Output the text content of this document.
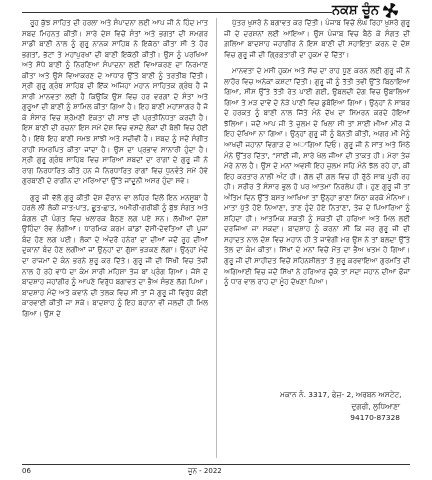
ਨਕਸ਼ ਚੂੰਨ

ਰੂਹ ਕੁੱਝ ਸਾਹਿਤ ਦੀ ਹਰਲਾ ਅਤੇ ਸੰਪਾਦਨਾ ਲਈ ਆਪ ਜੀ ਨੇ ਹਿੰਦ ਮਾਤ ਸਬਦ ਮਿਹਨਤ ਕੀਤੀ। ਸਾਰੇ ਦੇਸ਼ ਵਿਚੋਂ ਸੰਤਾਂ ਅਤੇ ਭਗਤਾਂ ਦੀ ਸਮਗਰ ਸਾਡੀ ਬਾਣੀ ਨਾਲ ਨੂੰ ਗੁਰੂ ਨਾਨਕ ਸਾਹਿਬ ਨੇ ਇਕੱਠਾ ਕੀਤਾ ਸੀ ਤੇ ਹੋਰ ਭਗਤਾਂ, ਭੱਟਾਂ ਤੇ ਮਹਾਂਪੁਰਖਾਂ ਦੀ ਬਾਣੀ ਇਕੱਠੀ ਕੀਤੀ। ਉਸ ਨੂੰ ਪਰਖਿਆ ਅਤੇ ਸੋਧੇ ਬਾਣੀ ਨੂੰ ਨਿਰਣਿਆ ਸੰਪਾਦਨਾ ਲਈ ਵਿਆਕਰਣ ਦਾ ਨਿਰਮਾਣ ਕੀਤਾ ਅਤੇ ਉਸੇ ਵਿਆਕਰਣ ਦੇ ਆਧਾਰ ਉੱਤੇ ਬਾਣੀ ਨੂੰ ਤਰਤੀਬ ਦਿੱਤੀ। ਸ੍ਰੀ ਗੁਰੂ ਗ੍ਰੰਥ ਸਾਹਿਬ ਦੀ ਇੱਕ ਅਜਿਹਾ ਮਹਾਨ ਸਾਹਿਤਕ ਗ੍ਰੰਥ ਹੈ ਜੋ ਸਾਰੀ ਮਾਨਵਤਾ ਲਈ ਹੈ ਕਿਉਂਕਿ ਉਸ ਵਿਚ ਹਰ ਵਰਗਾਂ ਦੇ ਸੰਤਾਂ ਅਤੇ ਗੁਰੂਆਂ ਦੀ ਬਾਣੀ ਨੂੰ ਸ਼ਾਮਿਲ ਕੀਤਾ ਗਿਆ ਹੈ। ਇਹ ਬਾਣੀ ਮਹਾਂਸਾਗਰ ਹੈ ਜੋ ਕੇ ਸੰਸਾਰ ਵਿਚ ਸ਼੍ਰੋਮਣੀ ਏਕਤਾ ਦੀ ਸਾਂਝ ਦੀ ਪ੍ਰਤੀਨਿਧਤਾ ਕਰਦੀ ਹੈ। ਇਸ ਬਾਣੀ ਦੀ ਰਚਨਾ ਇਸ ਸਮੇਂ ਦੇਸ਼ ਵਿਚ ਵਸਦੇ ਲੋਕਾਂ ਦੀ ਬੋਲੀ ਵਿਚ ਹੋਈ ਹੈ। ਇੱਥੇ ਇਹ ਬਾਣੀ ਸਮਝ ਸਾਂਝੀ ਅਤੇ ਸਦੀਵੀ ਹੈ। ਸ਼ਬਦ ਨੂੰ ਸਦੋਂ ਸੰਗੀਤ ਰਾਹੀਂ ਸਮਰਪਿਤ ਕੀਤਾ ਜਾਂਦਾ ਹੈ। ਉਸ ਦਾ ਪ੍ਰਭਾਵ ਸਾਨਾਰੀ ਹੁੰਦਾ ਹੈ। ਸ੍ਰੀ ਗੁਰੂ ਗ੍ਰੰਥ ਸਾਹਿਬ ਵਿਚ ਸਾਰਿਆਂ ਸ਼ਬਦਾਂ ਦਾ ਰਾਗਾਂ ਦੇ ਗੁਰੂ ਜੀ ਨੇ ਰਾਗ ਨਿਰਧਾਰਿਤ ਕੀਤੇ ਹਨ ਜੋ ਨਿਰਧਾਰਿਤ ਰਾਗਾਂ ਵਿਚ ਧੁਨਵੰਤੇ ਸਮੇਂ ਹੋਵੇ ਗੁਰਬਾਣੀ ਦੇ ਰਾਗੀਨ ਦਾ ਮਰਿਆਦਾ ਉੱਤੇ ਜਾਂਦੂਨੀ ਅਸਰ ਹੁੰਦਾ ਸਵੇ।

ਗੁਰੂ ਜੀ ਵੱਲੋਂ ਗੁਰੂ ਕੀਤੀ ਦੇਸ਼ ਦੌਰਾਨ ਵਾ ਲਹਿਰ ਦਿਲੋਂ ਇਨ ਮਨਸੂਬਾ ਹੈ ਹਰਲੇ ਲੀ ਲੋਕੀ ਜਾਤ-ਪਾਤ, ਛੂਤ-ਛਾਤ, ਅਮੀਰੀ-ਗਰੀਬੀ ਨੂੰ ਬੁੱਝ ਸੰਗਤ ਅਤੇ ਕੰਗਲ ਦੀ ਪੰਗਤ ਵਿਚ ਖਲਾਰਕ ਬੈਠਣ ਲਗ ਪਏ ਸਨ। ਲੱਖੀਆਂ ਦੇਸ਼ਾਂ ਉਹਿੰਦਾ ਰੋਵ ਲੰਗੀਆਂ। ਧਾਰਮਿਕ ਕਰਮ ਕਾਂਡਾਂ ਦੱਸੀ-ਦੇਵਤਿਆਂ ਦੀ ਪੂਜਾ ਬੰਦ ਹੋਣ ਲਗ ਪਈ। ਲੋਕਾਂ ਦੇ ਅੰਦਰੋਂ ਹਨੇਰਾਂ ਦਾ ਦੀਆਂ ਜਦੋਂ ਰੂਹ ਦੀਆਂ ਦੁਕਾਨਾਂ ਬੰਦ ਹੋਣ ਲਗੀਆਂ ਜਾਂ ਉਨ੍ਹਾਂ ਦਾ ਗੁੱਸਾ ਭੜਕਣ ਲੱਗਾ। ਉਨ੍ਹਾਂ ਮੰਦੇ ਦਾ ਰਾਜਮਾਂ ਦੇ ਕੰਨ ਭਰਨੇ ਸ਼ੁਰੂ ਕਰ ਦਿੱਤੇ। ਗੁਰੂ ਜੀ ਦੀ ਸਿੱਖੀ ਵਿਚ ਤੇਜ਼ੀ ਨਾਲ ਹੋ ਰਹੇ ਵਾਧੇ ਦਾ ਕੰਮ ਸਾਰੀ ਮਹਿਸ਼ਾ ਤੇਜ਼ ਬਾਂ ਪ੍ਰੰਗ ਗਿਆ। ਜੋਸੇ ਦੇ ਬਾਦਸ਼ਾਹ ਜਹਾਂਗੀਰ ਨੂੰ ਆਪਣੇ ਵਿਰੁੱਧ ਬਗਾਵਤ ਦਾ ਭੈਅ ਸੰਭਣ ਲੱਗ ਪਿਆ। ਬਾਦਸ਼ਾਹ ਮੰਦੇ ਅਤੇ ਕਵਾਨੇ ਦੀ ਤਲਕ ਵਿਚ ਸੀ ਤਾਂ ਜੋ ਗੁਰੂ ਜੀ ਵਿਰੁੱਧ ਕੋਈ ਕਾਰਵਾਈ ਕੀਤੀ ਜਾ ਸਕੇ। ਬਾਦਸ਼ਾਹ ਨੂੰ ਇਹ ਬਹਾਨਾ ਵੀ ਜਲਦੀ ਹੀ ਮਿਲ ਗਿਆ। ਉਸ ਦੇ

ਪੁੱਤਰ ਖੁਸਰੋ ਨੇ ਬਗਾਵਤ ਕਰ ਦਿੱਤੀ। ਪੰਜਾਬ ਵਿਚੋਂ ਲੰਘ ਰਿਹਾ ਖੁਸਰੋ ਗੁਰੂ ਜੀ ਦੇ ਦਰਸ਼ਨਾਂ ਲਈ ਆਇਆ। ਉਸ ਪੰਜਾਬ ਵਿਚ ਬੈਠੇ ਕੇ ਸੰਗਤ ਦੀ ਗ਼ਲਿਆ ਬਾਦਸ਼ਾਹ ਜਹਾਂਗੀਰ ਨੇ ਇਸ ਬਾਣੀ ਦੀ ਸਹਾਇਤਾ ਕਰਨ ਦੇ ਦੋਸ਼ ਵਿਚ ਗੁਰੂ ਜੀ ਦੀ ਗ੍ਰਿਫ਼ਤਾਰੀ ਦਾ ਹੁਕਮ ਦੇ ਦਿੱਤਾ।

ਮਾਨਵਤਾ ਦੇ ਮਸੀ ਹੁਕਮ ਅਤੇ ਸੱਚ ਦਾ ਰਾਹ ਧੂਣ ਕਰਨ ਲਈ ਗੁਰੂ ਜੀ ਨੇ ਲਾਹੌਰ ਵਿਚ ਅਨੇਕਾਂ ਕਸ਼ਟਾਂ ਦਿੱਤੀ। ਗੁਰੂ ਜੀ ਨੂੰ ਤੱਤੀ ਤਵੀ ਉੱਤੇ ਬਿਠਾਇਆ ਗਿਆ, ਸੀਸ ਉੱਤੇ ਤੱਤੀ ਰੇਤ ਪਾਈ ਗਈ, ਉਬਲਦੀ ਦੇਗ ਵਿਚ ਉਬਾਲਿਆ ਗਿਆ ਤੇ ਮੜ ਦਾਵੇਂ ਦੇ ਨੇੜੇ ਪਾਣੀ ਵਿਚ ਡੁਬੋਇਆ ਗਿਆ। ਉਨ੍ਹਾਂ ਨੇ ਸਾਬਰ ਦੇ ਹਰਕਤ ਨੂੰ ਬਾਣੀ ਨਾਲ ਜਿੱਤੇ ਮੰਨੇ ਦੱਖ ਦਾ ਸਿਮਰਨ ਕਰਦੇ ਹੋਇਆਂ ਝੱਲਿਆ। ਜਦੋਂ ਆਪ ਜੀ ਤੇ ਜ਼ੁਲਮ ਦੇ ਖਿਲਾ ਸੀ ਤਾਂ ਸਾਈਂ ਮੀਆਂ ਮੀਰ ਜੋ ਇਹ ਦੇਖਿਆ ਨਾ ਗਿਆ। ਉਨ੍ਹਾਂ ਗੁਰੂ ਜੀ ਨੂੰ ਬੇਨਤੀ ਕੀਤੀ, ਅਗਰ ਮੀ ਮੈਨੂੰ ਆਖਦੀ ਜਹਾਨਾਂ ਵਿਗਾੜ ਦੇ ਅਾਗਿਆ ਦਿਓ। ਗੁਰੂ ਜੀ ਨੇ ਸਾਂਤ ਅਤੇ ਮਿੱਠੇ ਮੰਨੇ ਉੱਤਰ ਦਿੱਤਾ, “ਸਾਂਈਂ ਜੀ, ਸਾਰੇ ਖੇਲ ਜੀਆ ਦੀ ਤਾਕਤ ਹੀ। ਮੇਰਾ ਤੇਜ਼ ਮੇਰੇ ਨਾਲ ਹੈ। ਉਸ ਦੇ ਮਨਾਂ ਅਵਸੀ ਇਹ ਜ਼ੁਲਮ ਸਹਿ ਮੰਨੇ ਝੱਲ ਰਹੇ ਹਾਂ, ਕੀ ਇਹ ਕਰਤਾਰ ਨਾਲੀ ਅੰਟ ਹੀ। ਗੱਲ ਦੀ ਗਲ ਵਿਚ ਹੀ ਰੁੱਠੇ ਸਾਬ ਪੂਰੀ ਰਹ ਹੀ। ਸਰੀਰ ਤੋਂ ਸੰਸਾਰ ਭੁਲ ਹੋ ਪਰ ਆਤਮਾ ਨਿਰਲੇਪ ਹੀ। ਹੁਣ ਗੁਰੂ ਜੀ ਤਾਂ ਅੰਤਿਮ ਦਿਨ ਉੱਤੇ ਬਸਤ ਆਖਿਆ ਤਾਂ ਉਨ੍ਹਾਂ ਭਾਣਾ ਮਿੱਠਾ ਕਰਕੇ ਮੰਨਿਆ। ਮਾਤਾ ਪੁੱਤੋ ਹੋਏ ਨਿਆਣਾ, ਤਾਣ ਹੁੰਦੇ ਹੋਏ ਨਿਤਾਣਾ, ਤੇਜ਼ ਦੇ ਪਿਆਰਿਆਂ ਨੂੰ ਸ਼ਹਿਦਾ ਹੀ। ਆਤਮਿਕ ਸਕਤੀ ਨੂੰ ਸਕਤੀ ਦੀ ਹਰਿਆ ਅਤੇ ਮਿਲ ਲਈ ਦਰਜਿਆ ਜਾ ਸਕਦਾ। ਬਾਦਸ਼ਾਹ ਨੂੰ ਕਰਨਾ ਸੀ ਕਿ ਜਰ ਗੁਰੂ ਜੀ ਦੀ ਸਹਾਦਤ ਨਾਲ ਦੋਸ਼ ਵਿਚ ਮਹਾਨ ਹੀ ਤੇ ਜਾਵੇਗੀ ਮਰ ਉਸ ਨੇ ਤਾਂ ਬਲਦਾ ਉੱਤੇ ਤੇਲ ਦਾ ਕੰਮ ਕੀਤਾ। ਸਿੱਖਾਂ ਦੇ ਮਨਾਂ ਵਿਚੋਂ ਮੌਤ ਦਾ ਭੈਅ ਖਤਮ ਹੋ ਗਿਆ। ਗੁਰੂ ਜੀ ਦੀ ਸਾਹੀਦਤ ਵਿਚੋਂ ਸਹਿਨਸ਼ੀਲਤਾ ਤੋਂ ਸ਼ੁਰੂ ਕਰਵਾਇਆ ਗੁਰਮਤਿ ਦੀ ਅਗਿਆਈ ਵਿਚ ਜਦੋਂ ਸਿੱਖਾਂ ਨੇ ਹਰਿਆਰ ਚੁੱਕੇ ਤਾਂ ਸਦਾ ਜਹਾਨ ਦੀਆਂ ਫੌਜਾਂ ਨੂੰ ਧਾਰ ਵਾਲ ਰਾਹ ਦਾ ਮੂੰਹ ਦੇਖਣਾ ਪਿਆ।

ਮਕਾਨ ਨੰ. 3317, ਫੇਜ਼- 2, ਅਰਬਨ ਅਸਟੇਟ,
ਦੁਗਰੀ, ਲੁਧਿਆਣਾ
94170-87328
06	ਜੂਨ - 2022
